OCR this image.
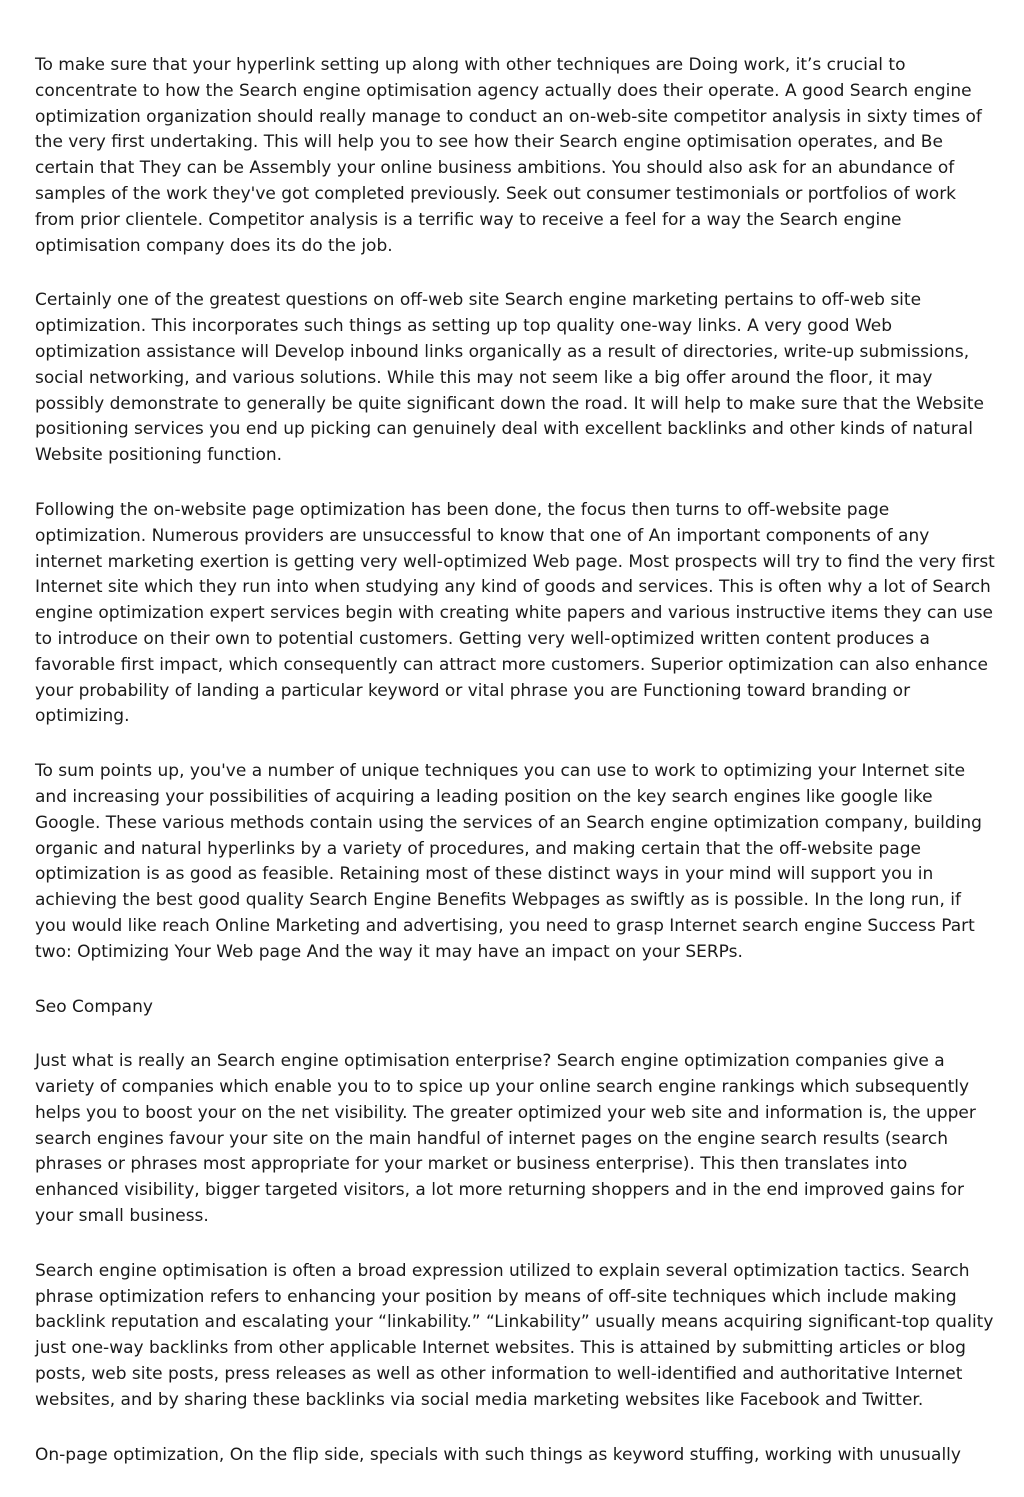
To make sure that your hyperlink setting up along with other techniques are Doing work, it’s crucial to concentrate to how the Search engine optimisation agency actually does their operate. A good Search engine optimization organization should really manage to conduct an on-web-site competitor analysis in sixty times of the very first undertaking. This will help you to see how their Search engine optimisation operates, and Be certain that They can be Assembly your online business ambitions. You should also ask for an abundance of samples of the work they've got completed previously. Seek out consumer testimonials or portfolios of work from prior clientele. Competitor analysis is a terrific way to receive a feel for a way the Search engine optimisation company does its do the job.

Certainly one of the greatest questions on off-web site Search engine marketing pertains to off-web site optimization. This incorporates such things as setting up top quality one-way links. A very good Web optimization assistance will Develop inbound links organically as a result of directories, write-up submissions, social networking, and various solutions. While this may not seem like a big offer around the floor, it may possibly demonstrate to generally be quite significant down the road. It will help to make sure that the Website positioning services you end up picking can genuinely deal with excellent backlinks and other kinds of natural Website positioning function.

Following the on-website page optimization has been done, the focus then turns to off-website page optimization. Numerous providers are unsuccessful to know that one of An important components of any internet marketing exertion is getting very well-optimized Web page. Most prospects will try to find the very first Internet site which they run into when studying any kind of goods and services. This is often why a lot of Search engine optimization expert services begin with creating white papers and various instructive items they can use to introduce on their own to potential customers. Getting very well-optimized written content produces a favorable first impact, which consequently can attract more customers. Superior optimization can also enhance your probability of landing a particular keyword or vital phrase you are Functioning toward branding or optimizing.

To sum points up, you've a number of unique techniques you can use to work to optimizing your Internet site and increasing your possibilities of acquiring a leading position on the key search engines like google like Google. These various methods contain using the services of an Search engine optimization company, building organic and natural hyperlinks by a variety of procedures, and making certain that the off-website page optimization is as good as feasible. Retaining most of these distinct ways in your mind will support you in achieving the best good quality Search Engine Benefits Webpages as swiftly as is possible. In the long run, if you would like reach Online Marketing and advertising, you need to grasp Internet search engine Success Part two: Optimizing Your Web page And the way it may have an impact on your SERPs.

Seo Company

Just what is really an Search engine optimisation enterprise? Search engine optimization companies give a variety of companies which enable you to to spice up your online search engine rankings which subsequently helps you to boost your on the net visibility. The greater optimized your web site and information is, the upper search engines favour your site on the main handful of internet pages on the engine search results (search phrases or phrases most appropriate for your market or business enterprise). This then translates into enhanced visibility, bigger targeted visitors, a lot more returning shoppers and in the end improved gains for your small business.

Search engine optimisation is often a broad expression utilized to explain several optimization tactics. Search phrase optimization refers to enhancing your position by means of off-site techniques which include making backlink reputation and escalating your “linkability.” “Linkability” usually means acquiring significant-top quality just one-way backlinks from other applicable Internet websites. This is attained by submitting articles or blog posts, web site posts, press releases as well as other information to well-identified and authoritative Internet websites, and by sharing these backlinks via social media marketing websites like Facebook and Twitter.

On-page optimization, On the flip side, specials with such things as keyword stuffing, working with unusually
